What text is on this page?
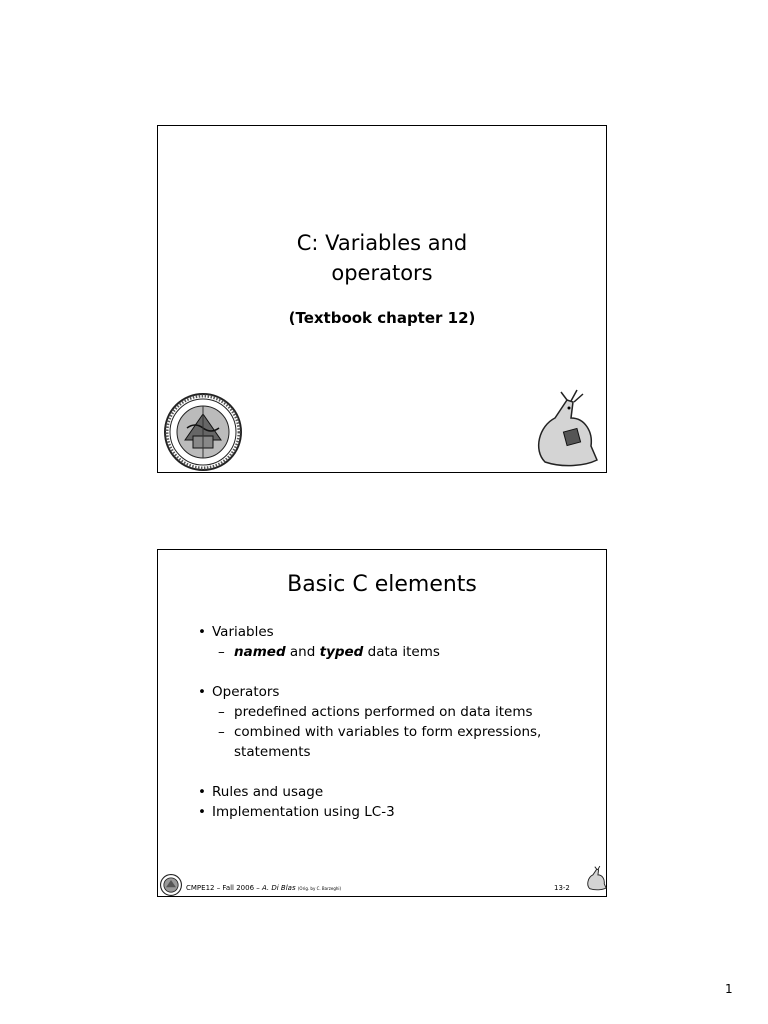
C: Variables and
operators
(Textbook chapter 12)
Basic C elements
• Variables
– named and typed data items
• Operators
– predefined actions performed on data items
– combined with variables to form expressions, statements
• Rules and usage
• Implementation using LC-3
CMPE12 – Fall 2006 – A. Di Blas (Orig. by C. Barzeghi)	13-2
1
